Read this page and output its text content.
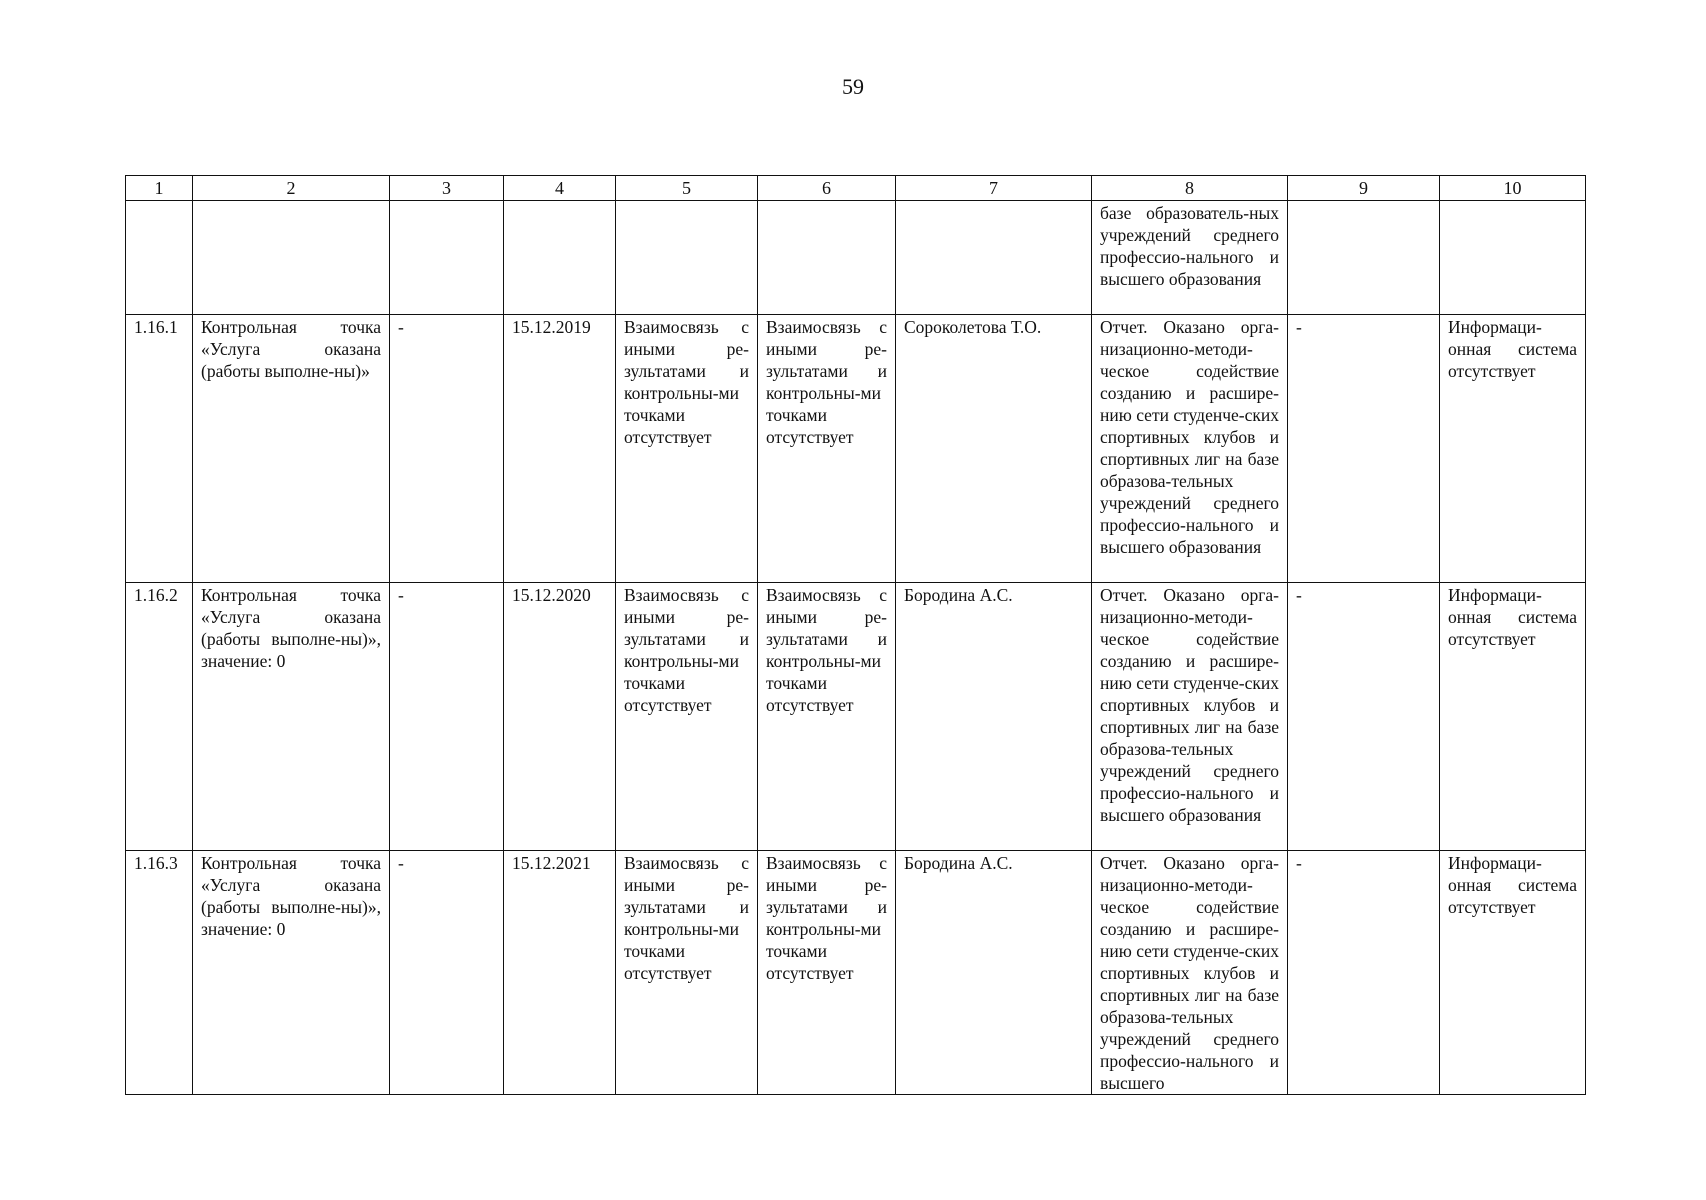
59
1	2	3	4	5	6	7	8	9	10
							базе образователь-ных учреждений среднего профессио-нального и высшего образования		
1.16.1	Контрольная точка «Услуга оказана (работы выполне-ны)»	-	15.12.2019	Взаимосвязь с иными ре-зультатами и контрольны-ми точками отсутствует	Взаимосвязь с иными ре-зультатами и контрольны-ми точками отсутствует	Сороколетова Т.О.	Отчет. Оказано орга-низационно-методи-ческое содействие созданию и расшире-нию сети студенче-ских спортивных клубов и спортивных лиг на базе образова-тельных учреждений среднего профессио-нального и высшего образования	-	Информаци-онная система отсутствует
1.16.2	Контрольная точка «Услуга оказана (работы выполне-ны)», значение: 0	-	15.12.2020	Взаимосвязь с иными ре-зультатами и контрольны-ми точками отсутствует	Взаимосвязь с иными ре-зультатами и контрольны-ми точками отсутствует	Бородина А.С.	Отчет. Оказано орга-низационно-методи-ческое содействие созданию и расшире-нию сети студенче-ских спортивных клубов и спортивных лиг на базе образова-тельных учреждений среднего профессио-нального и высшего образования	-	Информаци-онная система отсутствует
1.16.3	Контрольная точка «Услуга оказана (работы выполне-ны)», значение: 0	-	15.12.2021	Взаимосвязь с иными ре-зультатами и контрольны-ми точками отсутствует	Взаимосвязь с иными ре-зультатами и контрольны-ми точками отсутствует	Бородина А.С.	Отчет. Оказано орга-низационно-методи-ческое содействие созданию и расшире-нию сети студенче-ских спортивных клубов и спортивных лиг на базе образова-тельных учреждений среднего профессио-нального и высшего	-	Информаци-онная система отсутствует
